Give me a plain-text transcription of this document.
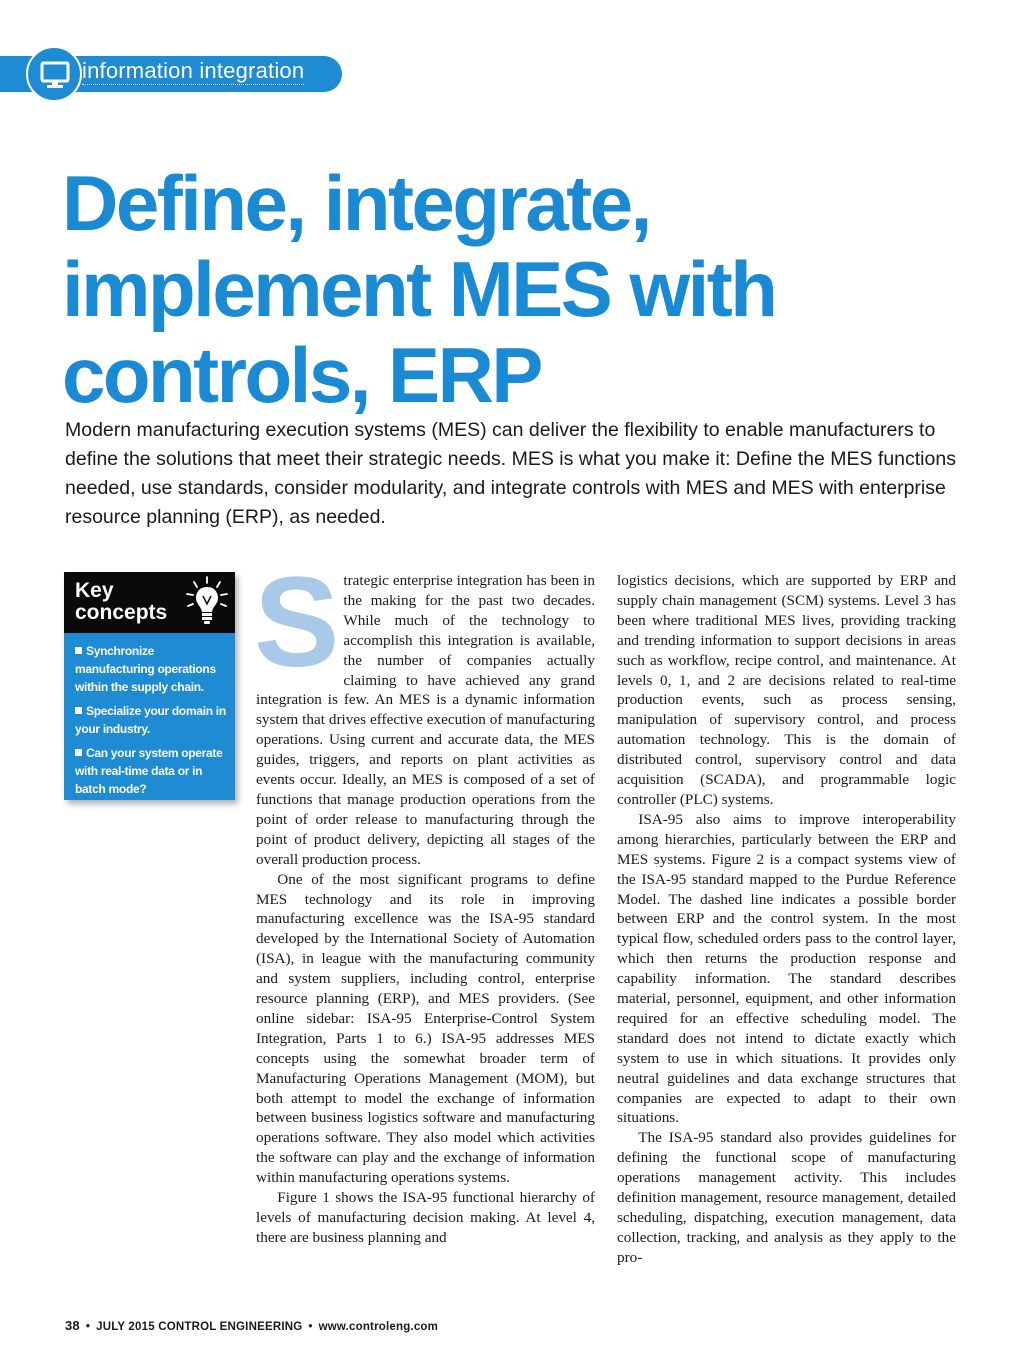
information integration
Define, integrate, implement MES with controls, ERP

Modern manufacturing execution systems (MES) can deliver the flexibility to enable manufacturers to define the solutions that meet their strategic needs. MES is what you make it: Define the MES functions needed, use standards, consider modularity, and integrate controls with MES and MES with enterprise resource planning (ERP), as needed.

Key
concepts
Synchronize manufacturing operations within the supply chain.
Specialize your domain in your industry.
Can your system operate with real-time data or in batch mode?

Strategic enterprise integration has been in the making for the past two decades. While much of the technology to accomplish this integration is available, the number of companies actually claiming to have achieved any grand integration is few. An MES is a dynamic information system that drives effective execution of manufacturing operations. Using current and accurate data, the MES guides, triggers, and reports on plant activities as events occur. Ideally, an MES is composed of a set of functions that manage production operations from the point of order release to manufacturing through the point of product delivery, depicting all stages of the overall production process.

One of the most significant programs to define MES technology and its role in improving manufacturing excellence was the ISA-95 standard developed by the International Society of Automation (ISA), in league with the manufacturing community and system suppliers, including control, enterprise resource planning (ERP), and MES providers. (See online sidebar: ISA-95 Enterprise-Control System Integration, Parts 1 to 6.) ISA-95 addresses MES concepts using the somewhat broader term of Manufacturing Operations Management (MOM), but both attempt to model the exchange of information between business logistics software and manufacturing operations software. They also model which activities the software can play and the exchange of information within manufacturing operations systems.

Figure 1 shows the ISA-95 functional hierarchy of levels of manufacturing decision making. At level 4, there are business planning and

logistics decisions, which are supported by ERP and supply chain management (SCM) systems. Level 3 has been where traditional MES lives, providing tracking and trending information to support decisions in areas such as workflow, recipe control, and maintenance. At levels 0, 1, and 2 are decisions related to real-time production events, such as process sensing, manipulation of supervisory control, and process automation technology. This is the domain of distributed control, supervisory control and data acquisition (SCADA), and programmable logic controller (PLC) systems.

ISA-95 also aims to improve interoperability among hierarchies, particularly between the ERP and MES systems. Figure 2 is a compact systems view of the ISA-95 standard mapped to the Purdue Reference Model. The dashed line indicates a possible border between ERP and the control system. In the most typical flow, scheduled orders pass to the control layer, which then returns the production response and capability information. The standard describes material, personnel, equipment, and other information required for an effective scheduling model. The standard does not intend to dictate exactly which system to use in which situations. It provides only neutral guidelines and data exchange structures that companies are expected to adapt to their own situations.

The ISA-95 standard also provides guidelines for defining the functional scope of manufacturing operations management activity. This includes definition management, resource management, detailed scheduling, dispatching, execution management, data collection, tracking, and analysis as they apply to the pro-

38 • JULY 2015 CONTROL ENGINEERING • www.controleng.com
